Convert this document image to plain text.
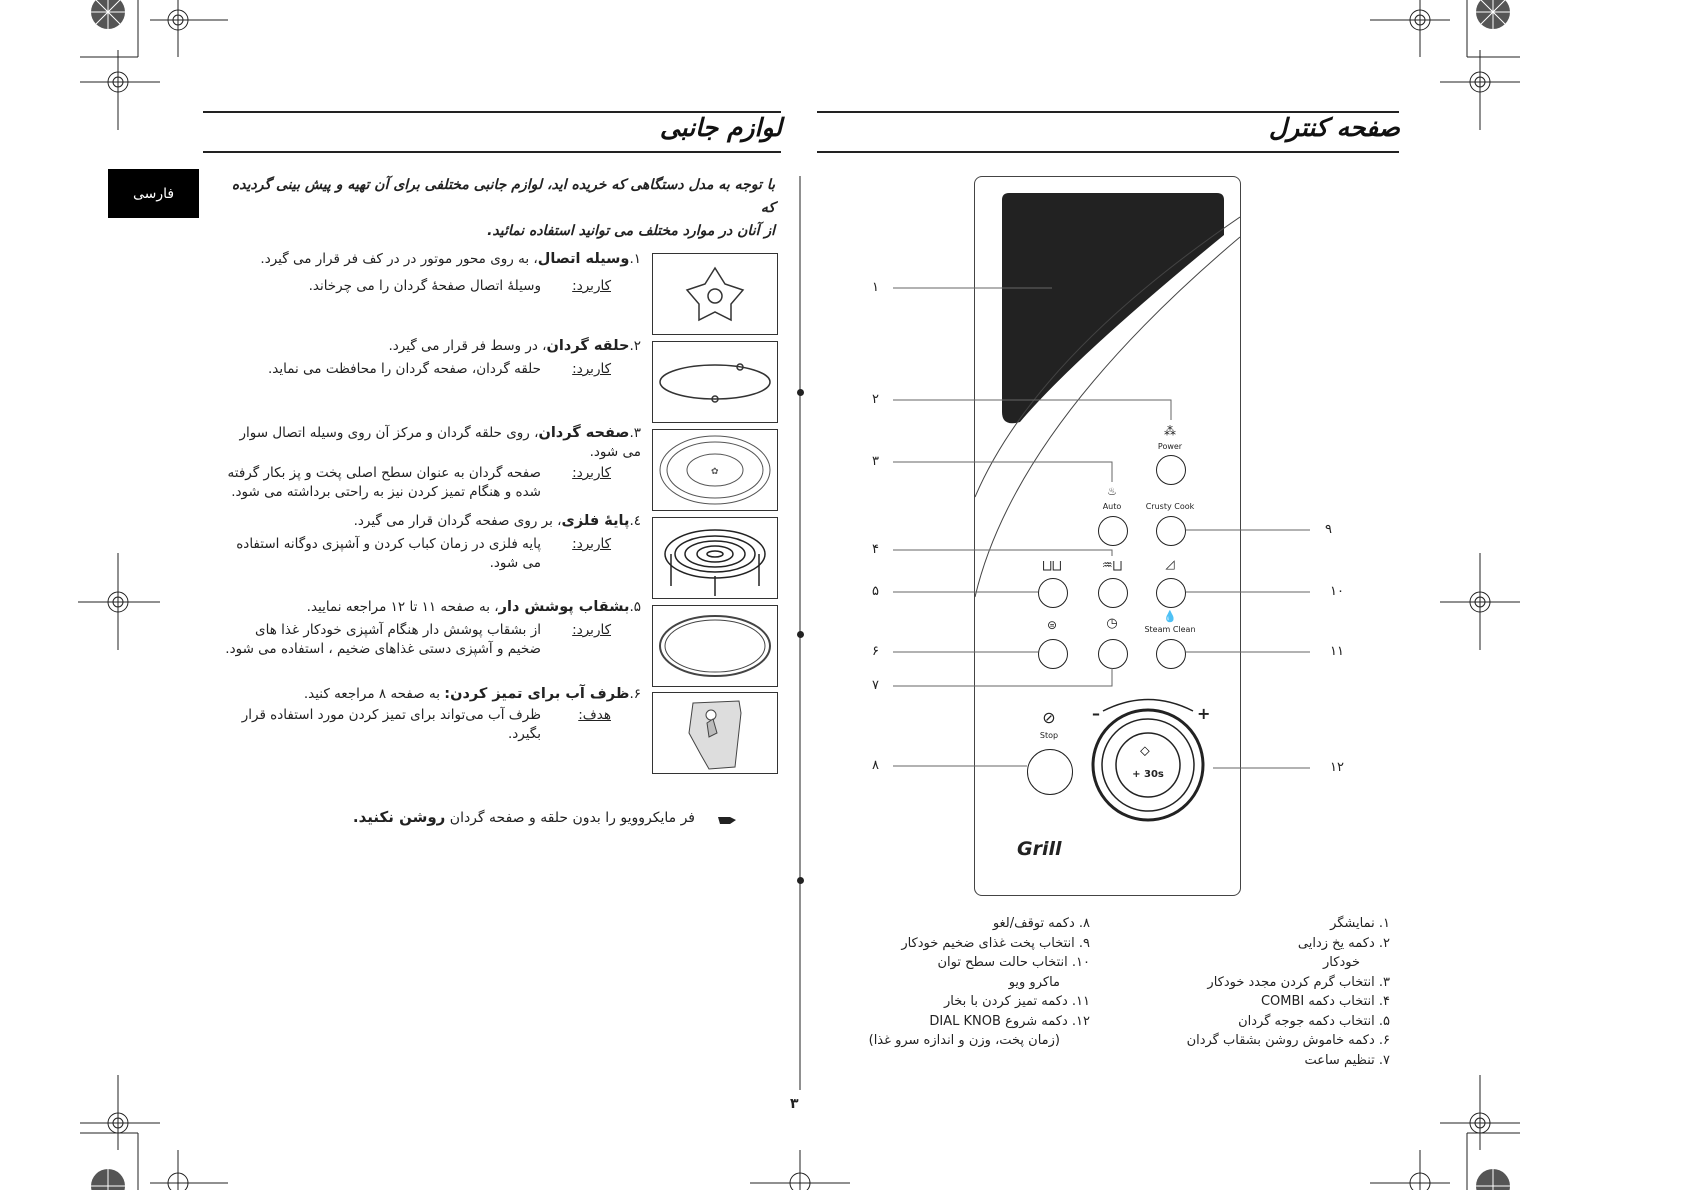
لوازم جانبی
فارسی
با توجه به مدل دستگاهی که خریده اید، لوازم جانبی مختلفی برای آن تهیه و پیش بینی گردیده که
از آنان در موارد مختلف می توانید استفاده نمائید.
۱.وسیله اتصال، به روی محور موتور در در کف فر قرار می گیرد.
کاربرد:
وسیلۀ اتصال صفحۀ گردان را می چرخاند.
۲.حلقه گردان، در وسط فر قرار می گیرد.
کاربرد:
حلقه گردان، صفحه گردان را محافظت می نماید.
۳.صفحه گردان، روی حلقه گردان و مرکز آن روی وسیله اتصال سوار می شود.
کاربرد:
صفحه گردان به عنوان سطح اصلی پخت و پز بکار گرفته شده و هنگام تمیز کردن نیز به راحتی برداشته می شود.
٤.پایۀ فلزی، بر روی صفحه گردان قرار می گیرد.
کاربرد:
پایه فلزی در زمان کباب کردن و آشپزی دوگانه استفاده می شود.
۵.بشقاب پوشش دار، به صفحه ۱۱ تا ۱۲ مراجعه نمایید.
کاربرد:
از بشقاب پوشش دار هنگام آشپزی خودکار غذا های ضخیم و آشپزی دستی غذاهای ضخیم ، استفاده می شود.
۶.ظرف آب برای تمیز کردن: به صفحه ۸ مراجعه کنید.
هدف:
ظرف آب می‌تواند برای تمیز کردن مورد استفاده قرار بگیرد.
✿
فر مایکروویو را بدون حلقه و صفحه گردان روشن نکنید.
صفحه کنترل
⁂
Power
♨
Auto	Crusty Cook
⨆⨆	♒⨆	◿
⊜	◷	💧
Steam Clean
⊘
Stop
⬦
–	+
+ 30s
Grill
۱
۲
۳
۴
۵
۶
۷
۸
۹
۱۰
۱۱
۱۲
۱. نمایشگر
۲. دکمه یخ زدایی
خودکار
۳. انتخاب گرم کردن مجدد خودکار
۴. انتخاب دکمه COMBI
۵. انتخاب دکمه جوجه گردان
۶. دکمه خاموش روشن بشقاب گردان
۷. تنظیم ساعت
۸. دکمه توقف/لغو
۹. انتخاب پخت غذای ضخیم خودکار
۱۰. انتخاب حالت سطح توان
ماکرو ویو
۱۱. دکمه تمیز کردن با بخار
۱۲. دکمه شروع DIAL KNOB
(زمان پخت، وزن و اندازه سرو غذا)
۳
